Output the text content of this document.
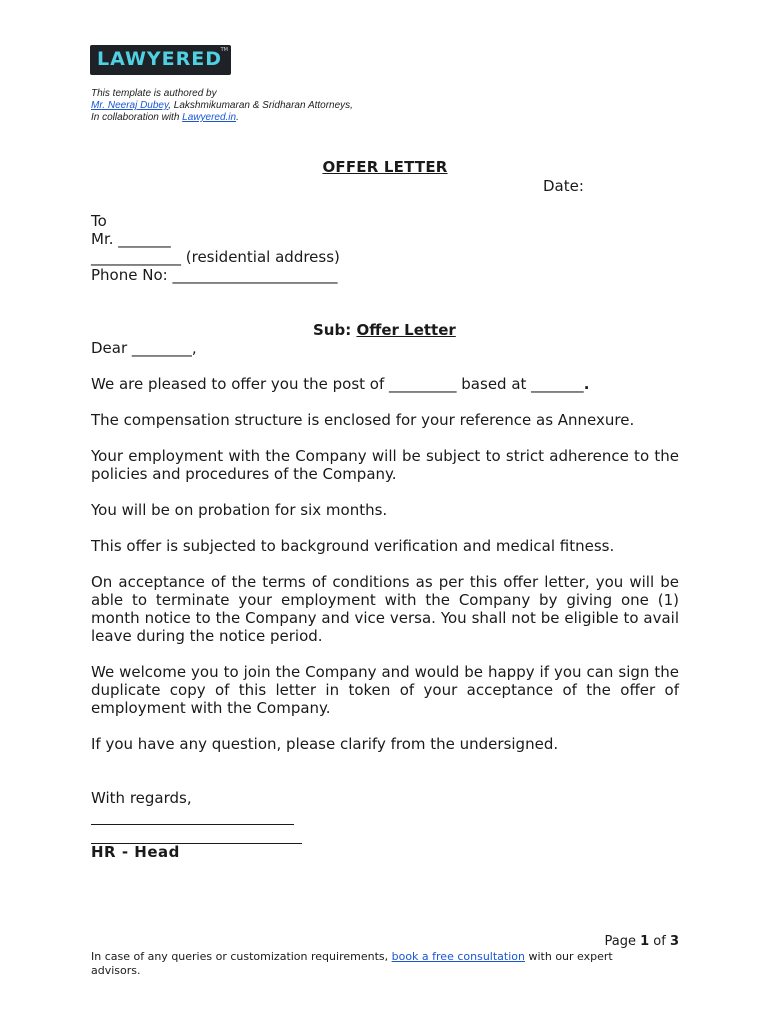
LAWYERED
TM
This template is authored by
Mr. Neeraj Dubey, Lakshmikumaran & Sridharan Attorneys,
In collaboration with Lawyered.in.
OFFER LETTER
Date:
To
Mr. _______
____________ (residential address)
Phone No: ______________________
Sub: Offer Letter
Dear ________,
We are pleased to offer you the post of _________ based at _______.
The compensation structure is enclosed for your reference as Annexure.
Your employment with the Company will be subject to strict adherence to the policies and procedures of the Company.
You will be on probation for six months.
This offer is subjected to background verification and medical fitness.
On acceptance of the terms of conditions as per this offer letter, you will be able to terminate your employment with the Company by giving one (1) month notice to the Company and vice versa. You shall not be eligible to avail leave during the notice period.
We welcome you to join the Company and would be happy if you can sign the duplicate copy of this letter in token of your acceptance of the offer of employment with the Company.
If you have any question, please clarify from the undersigned.
With regards,
HR - Head
Page 1 of 3
In case of any queries or customization requirements, book a free consultation with our expert advisors.
